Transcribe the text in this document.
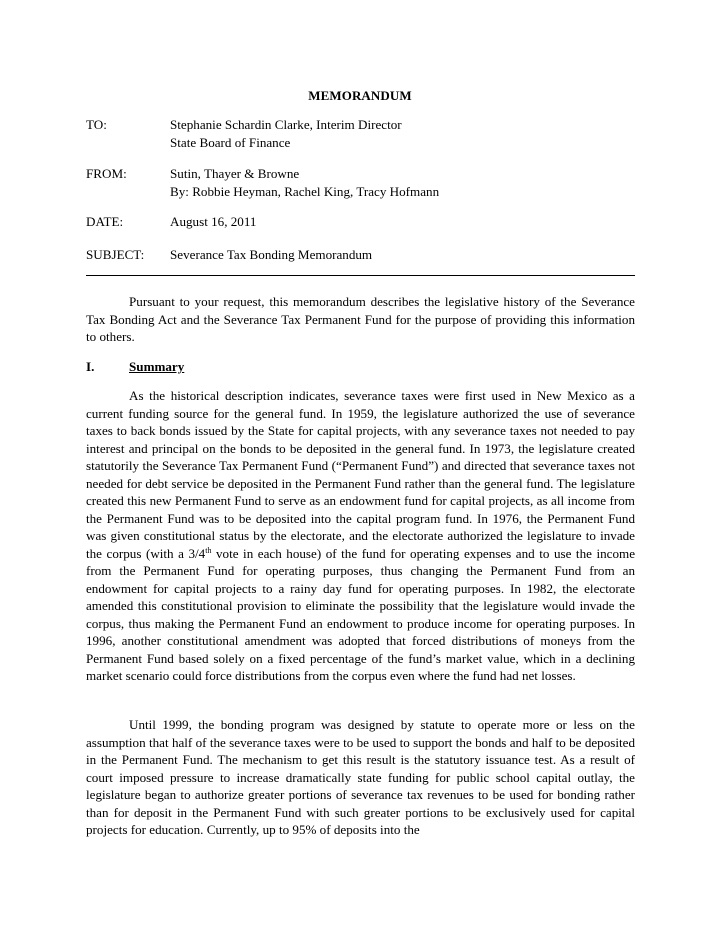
MEMORANDUM
TO:	Stephanie Schardin Clarke, Interim Director
State Board of Finance
FROM:	Sutin, Thayer & Browne
By: Robbie Heyman, Rachel King, Tracy Hofmann
DATE:	August 16, 2011
SUBJECT: Severance Tax Bonding Memorandum

Pursuant to your request, this memorandum describes the legislative history of the Severance Tax Bonding Act and the Severance Tax Permanent Fund for the purpose of providing this information to others.

I.	Summary

As the historical description indicates, severance taxes were first used in New Mexico as a current funding source for the general fund. In 1959, the legislature authorized the use of severance taxes to back bonds issued by the State for capital projects, with any severance taxes not needed to pay interest and principal on the bonds to be deposited in the general fund. In 1973, the legislature created statutorily the Severance Tax Permanent Fund (“Permanent Fund”) and directed that severance taxes not needed for debt service be deposited in the Permanent Fund rather than the general fund. The legislature created this new Permanent Fund to serve as an endowment fund for capital projects, as all income from the Permanent Fund was to be deposited into the capital program fund. In 1976, the Permanent Fund was given constitutional status by the electorate, and the electorate authorized the legislature to invade the corpus (with a 3/4th vote in each house) of the fund for operating expenses and to use the income from the Permanent Fund for operating purposes, thus changing the Permanent Fund from an endowment for capital projects to a rainy day fund for operating purposes. In 1982, the electorate amended this constitutional provision to eliminate the possibility that the legislature would invade the corpus, thus making the Permanent Fund an endowment to produce income for operating purposes. In 1996, another constitutional amendment was adopted that forced distributions of moneys from the Permanent Fund based solely on a fixed percentage of the fund’s market value, which in a declining market scenario could force distributions from the corpus even where the fund had net losses.

Until 1999, the bonding program was designed by statute to operate more or less on the assumption that half of the severance taxes were to be used to support the bonds and half to be deposited in the Permanent Fund. The mechanism to get this result is the statutory issuance test. As a result of court imposed pressure to increase dramatically state funding for public school capital outlay, the legislature began to authorize greater portions of severance tax revenues to be used for bonding rather than for deposit in the Permanent Fund with such greater portions to be exclusively used for capital projects for education. Currently, up to 95% of deposits into the
